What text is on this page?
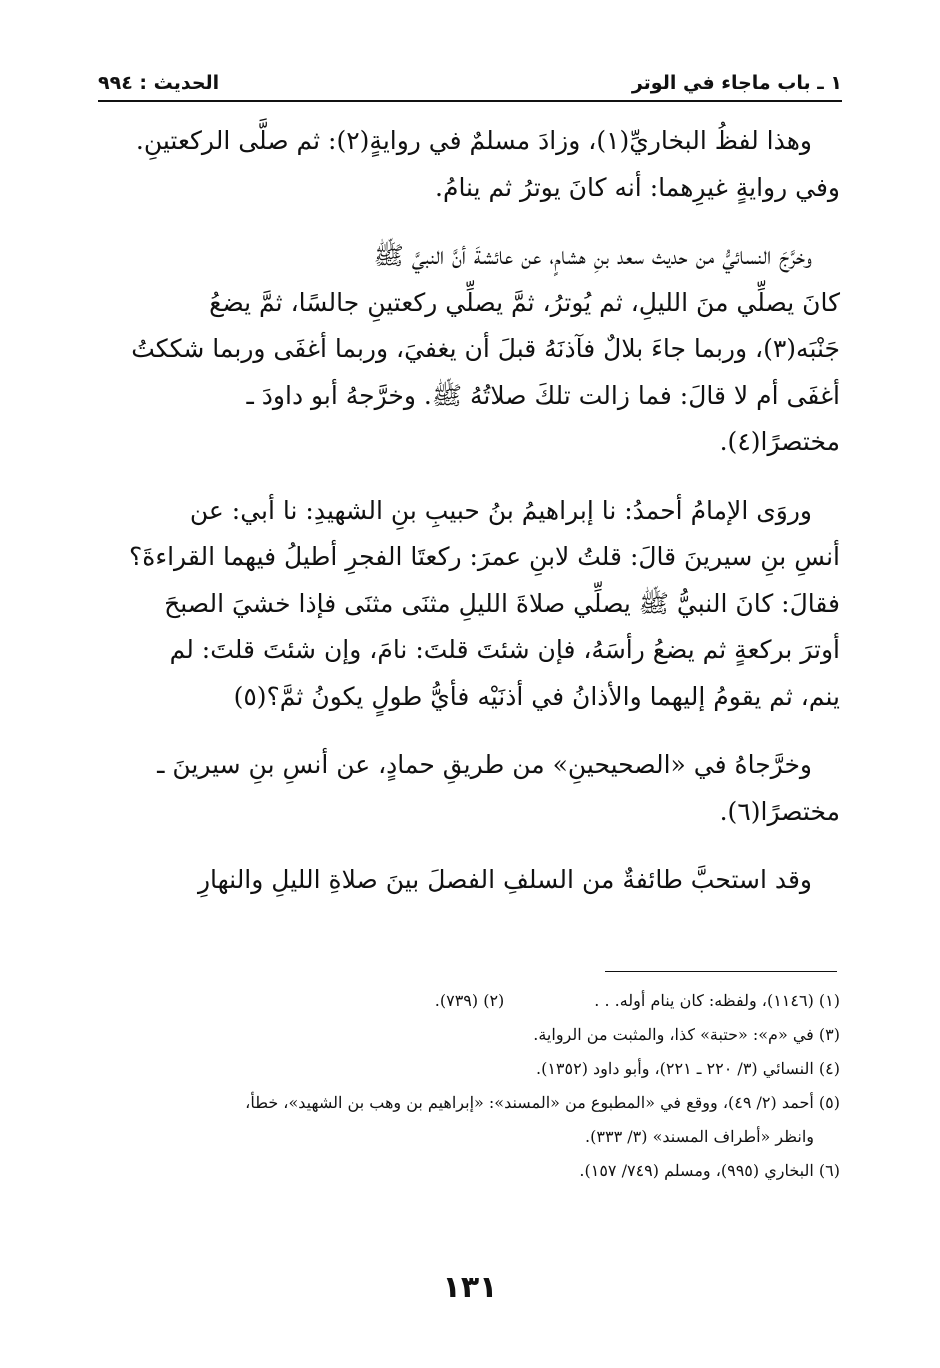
١ ـ باب ماجاء في الوتر
الحديث : ٩٩٤
وهذا لفظُ البخاريِّ(١)، وزادَ مسلمٌ في روايةٍ(٢): ثم صلَّى الركعتينِ.
وفي روايةٍ غيرِهما: أنه كانَ يوترُ ثم ينامُ.
وخرَّجَ النسائيُّ من حديث سعد بنِ هشامٍ، عن عائشةَ أنَّ النبيَّ ﷺ
كانَ يصلِّي منَ الليلِ، ثم يُوترُ، ثمَّ يصلِّي ركعتينِ جالسًا، ثمَّ يضعُ
جَنْبَه(٣)، وربما جاءَ بلالٌ فآذنَهُ قبلَ أن يغفيَ، وربما أغفَى وربما شككتُ
أغفَى أم لا قالَ: فما زالت تلكَ صلاتُهُ ﷺ. وخرَّجهُ أبو داودَ ـ
مختصرًا(٤).
وروَى الإمامُ أحمدُ: نا إبراهيمُ بنُ حبيبِ بنِ الشهيدِ: نا أبي: عن
أنسِ بنِ سيرينَ قالَ: قلتُ لابنِ عمرَ: ركعتَا الفجرِ أطيلُ فيهما القراءةَ؟
فقالَ: كانَ النبيُّ ﷺ يصلِّي صلاةَ الليلِ مثنَى مثنَى فإذا خشيَ الصبحَ
أوترَ بركعةٍ ثم يضعُ رأسَهُ، فإن شئتَ قلتَ: نامَ، وإن شئتَ قلتَ: لم
ينم، ثم يقومُ إليهما والأذانُ في أذنَيْه فأيُّ طولٍ يكونُ ثمَّ؟(٥)
وخرَّجاهُ في «الصحيحينِ» من طريقِ حمادٍ، عن أنسِ بنِ سيرينَ ـ
مختصرًا(٦).
وقد استحبَّ طائفةٌ من السلفِ الفصلَ بينَ صلاةِ الليلِ والنهارِ
(١) (١١٤٦)، ولفظه: كان ينام أوله. . .
(٢) (٧٣٩).
(٣) في «م»: «حتبة» كذا، والمثبت من الرواية.
(٤) النسائي (٣/ ٢٢٠ ـ ٢٢١)، وأبو داود (١٣٥٢).
(٥) أحمد (٢/ ٤٩)، ووقع في «المطبوع من «المسند»: «إبراهيم بن وهب بن الشهيد»، خطأ،
وانظر «أطراف المسند» (٣/ ٣٣٣).
(٦) البخاري (٩٩٥)، ومسلم (٧٤٩/ ١٥٧).
١٣١
